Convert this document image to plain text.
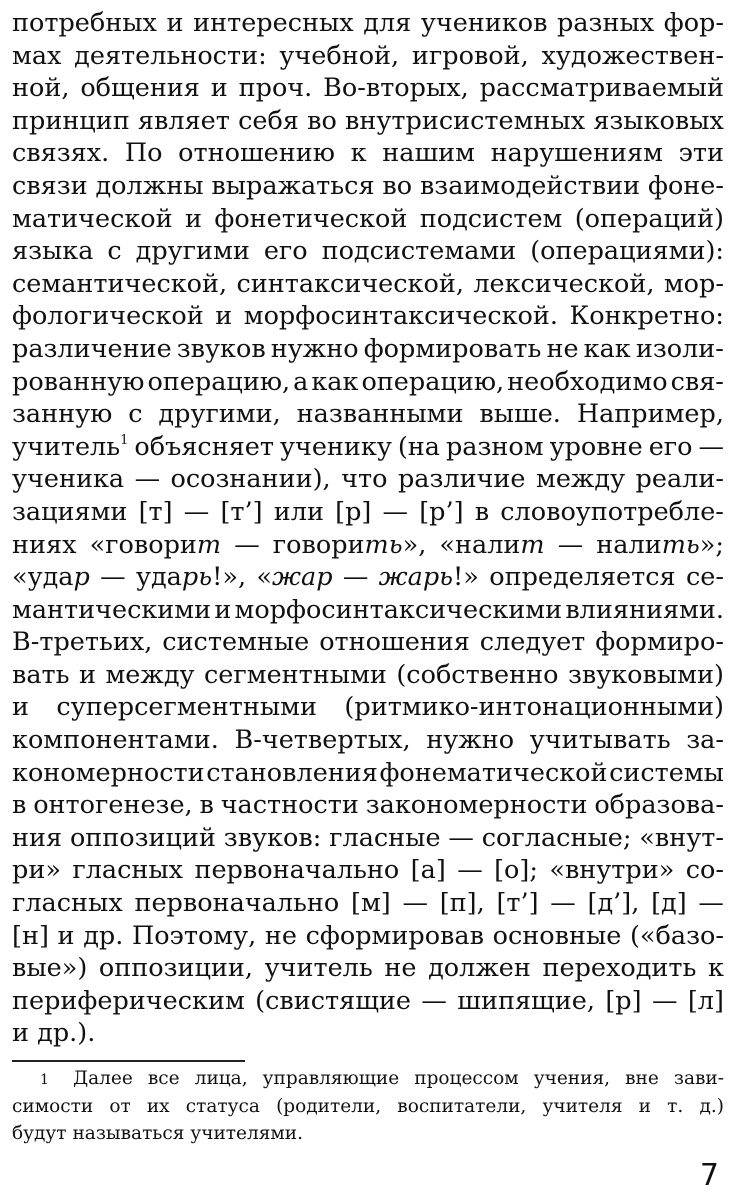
потребных и интересных для учеников разных фор-
мах деятельности: учебной, игровой, художествен-
ной, общения и проч. Во-вторых, рассматриваемый
принцип являет себя во внутрисистемных языковых
связях. По отношению к нашим нарушениям эти
связи должны выражаться во взаимодействии фоне-
матической и фонетической подсистем (операций)
языка с другими его подсистемами (операциями):
семантической, синтаксической, лексической, мор-
фологической и морфосинтаксической. Конкретно:
различение звуков нужно формировать не как изоли-
рованную операцию, а как операцию, необходимо свя-
занную с другими, названными выше. Например,
учитель$^1$ объясняет ученику (на разном уровне его —
ученика — осознании), что различие между реали-
зациями [т] — [т’] или [р] — [р’] в словоупотребле-
ниях «говорит — говорить», «налит — налить»;
«удар — ударь!», «жар — жарь!» определяется се-
мантическими и морфосинтаксическими влияниями.
В-третьих, системные отношения следует формиро-
вать и между сегментными (собственно звуковыми)
и суперсегментными (ритмико-интонационными)
компонентами. В-четвертых, нужно учитывать за-
кономерности становления фонематической системы
в онтогенезе, в частности закономерности образова-
ния оппозиций звуков: гласные — согласные; «внут-
ри» гласных первоначально [а] — [о]; «внутри» со-
гласных первоначально [м] — [п], [т’] — [д’], [д] —
[н] и др. Поэтому, не сформировав основные («базо-
вые») оппозиции, учитель не должен переходить к
периферическим (свистящие — шипящие, [р] — [л]
и др.).
1	Далее все лица, управляющие процессом учения, вне зави-
симости от их статуса (родители, воспитатели, учителя и т. д.)
будут называться учителями.
7
